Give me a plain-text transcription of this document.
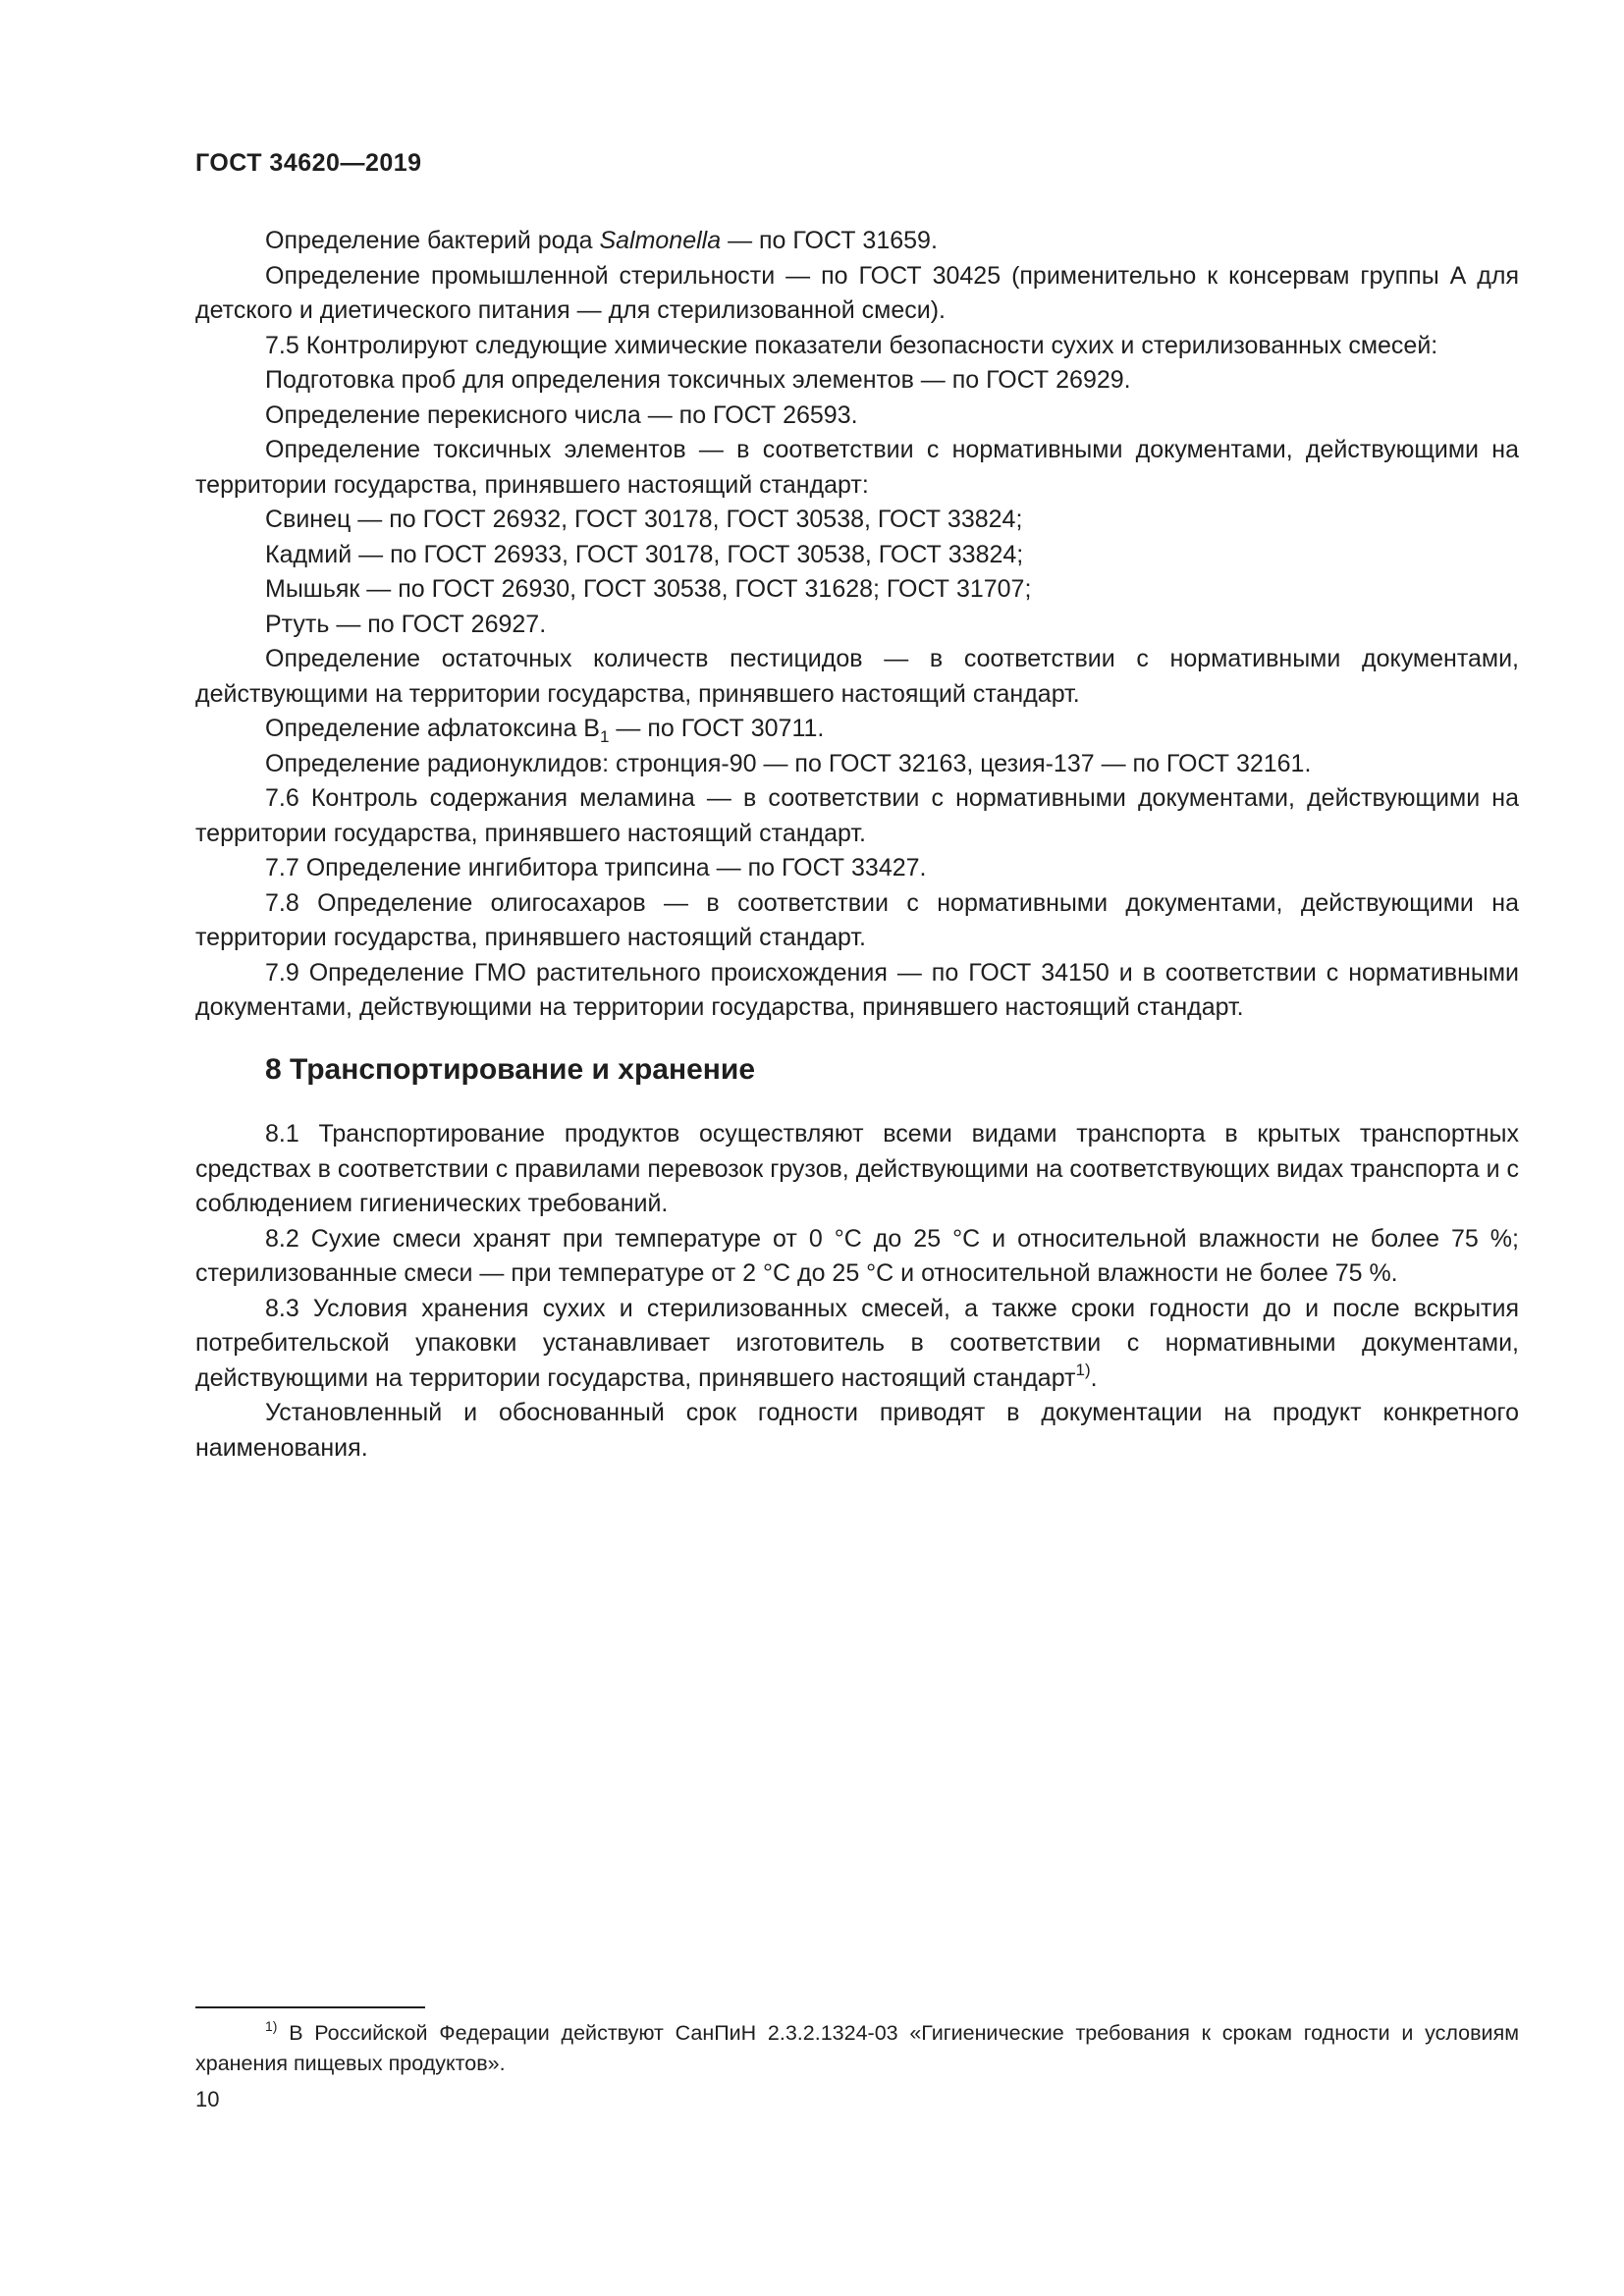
ГОСТ 34620—2019

Определение бактерий рода Salmonella — по ГОСТ 31659.

Определение промышленной стерильности — по ГОСТ 30425 (применительно к консервам группы А для детского и диетического питания — для стерилизованной смеси).

7.5 Контролируют следующие химические показатели безопасности сухих и стерилизованных смесей:

Подготовка проб для определения токсичных элементов — по ГОСТ 26929.

Определение перекисного числа — по ГОСТ 26593.

Определение токсичных элементов — в соответствии с нормативными документами, действующими на территории государства, принявшего настоящий стандарт:

Свинец — по ГОСТ 26932, ГОСТ 30178, ГОСТ 30538, ГОСТ 33824;

Кадмий — по ГОСТ 26933, ГОСТ 30178, ГОСТ 30538, ГОСТ 33824;

Мышьяк — по ГОСТ 26930, ГОСТ 30538, ГОСТ 31628; ГОСТ 31707;

Ртуть — по ГОСТ 26927.

Определение остаточных количеств пестицидов — в соответствии с нормативными документами, действующими на территории государства, принявшего настоящий стандарт.

Определение афлатоксина $В_1$ — по ГОСТ 30711.

Определение радионуклидов: стронция-90 — по ГОСТ 32163, цезия-137 — по ГОСТ 32161.

7.6 Контроль содержания меламина — в соответствии с нормативными документами, действующими на территории государства, принявшего настоящий стандарт.

7.7 Определение ингибитора трипсина — по ГОСТ 33427.

7.8 Определение олигосахаров — в соответствии с нормативными документами, действующими на территории государства, принявшего настоящий стандарт.

7.9 Определение ГМО растительного происхождения — по ГОСТ 34150 и в соответствии с нормативными документами, действующими на территории государства, принявшего настоящий стандарт.

8 Транспортирование и хранение

8.1 Транспортирование продуктов осуществляют всеми видами транспорта в крытых транспортных средствах в соответствии с правилами перевозок грузов, действующими на соответствующих видах транспорта и с соблюдением гигиенических требований.

8.2 Сухие смеси хранят при температуре от 0 °С до 25 °С и относительной влажности не более 75 %; стерилизованные смеси — при температуре от 2 °С до 25 °С и относительной влажности не более 75 %.

8.3 Условия хранения сухих и стерилизованных смесей, а также сроки годности до и после вскрытия потребительской упаковки устанавливает изготовитель в соответствии с нормативными документами, действующими на территории государства, принявшего настоящий стандарт$^{1)}$.

Установленный и обоснованный срок годности приводят в документации на продукт конкретного наименования.

$^{1)}$ В Российской Федерации действуют СанПиН 2.3.2.1324-03 «Гигиенические требования к срокам годности и условиям хранения пищевых продуктов».

10
